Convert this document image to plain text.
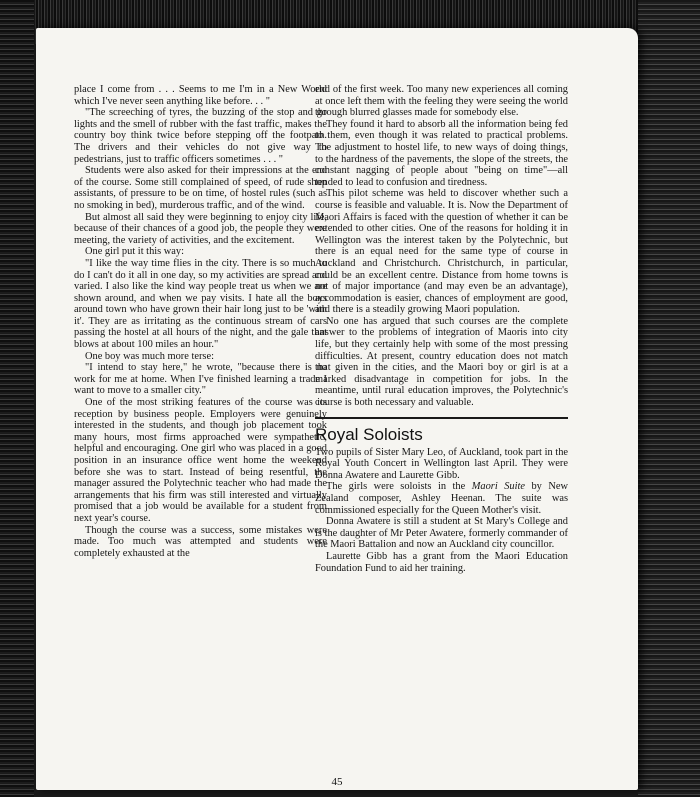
place I come from . . . Seems to me I'm in a New World which I've never seen anything like before. . . "

"The screeching of tyres, the buzzing of the stop and go lights and the smell of rubber with the fast traffic, makes the country boy think twice before stepping off the footpath. The drivers and their vehicles do not give way to pedestrians, just to traffic officers sometimes . . . "

Students were also asked for their impressions at the end of the course. Some still complained of speed, of rude shop assistants, of pressure to be on time, of hostel rules (such as no smoking in bed), murderous traffic, and of the wind.

But almost all said they were beginning to enjoy city life, because of their chances of a good job, the people they were meeting, the variety of activities, and the excitement.

One girl put it this way:

"I like the way time flies in the city. There is so much to do I can't do it all in one day, so my activities are spread and varied. I also like the kind way people treat us when we are shown around, and when we pay visits. I hate all the boys around town who have grown their hair long just to be 'with it'. They are as irritating as the continuous stream of cars passing the hostel at all hours of the night, and the gale that blows at about 100 miles an hour."

One boy was much more terse:

"I intend to stay here," he wrote, "because there is no work for me at home. When I've finished learning a trade I want to move to a smaller city."

One of the most striking features of the course was its reception by business people. Employers were genuinely interested in the students, and though job placement took many hours, most firms approached were sympathetic, helpful and encouraging. One girl who was placed in a good position in an insurance office went home the weekend before she was to start. Instead of being resentful, the manager assured the Polytechnic teacher who had made the arrangements that his firm was still interested and virtually promised that a job would be available for a student from next year's course.

Though the course was a success, some mistakes were made. Too much was attempted and students were completely exhausted at the

end of the first week. Too many new experiences all coming at once left them with the feeling they were seeing the world through blurred glasses made for somebody else.

They found it hard to absorb all the information being fed to them, even though it was related to practical problems. The adjustment to hostel life, to new ways of doing things, to the hardness of the pavements, the slope of the streets, the constant nagging of people about "being on time"—all tended to lead to confusion and tiredness.

This pilot scheme was held to discover whether such a course is feasible and valuable. It is. Now the Department of Maori Affairs is faced with the question of whether it can be extended to other cities. One of the reasons for holding it in Wellington was the interest taken by the Polytechnic, but there is an equal need for the same type of course in Auckland and Christchurch. Christchurch, in particular, could be an excellent centre. Distance from home towns is not of major importance (and may even be an advantage), accommodation is easier, chances of employment are good, and there is a steadily growing Maori population.

No one has argued that such courses are the complete answer to the problems of integration of Maoris into city life, but they certainly help with some of the most pressing difficulties. At present, country education does not match that given in the cities, and the Maori boy or girl is at a marked disadvantage in competition for jobs. In the meantime, until rural education improves, the Polytechnic's course is both necessary and valuable.

Royal Soloists

Two pupils of Sister Mary Leo, of Auckland, took part in the Royal Youth Concert in Wellington last April. They were Donna Awatere and Laurette Gibb.

The girls were soloists in the Maori Suite by New Zealand composer, Ashley Heenan. The suite was commissioned especially for the Queen Mother's visit.

Donna Awatere is still a student at St Mary's College and is the daughter of Mr Peter Awatere, formerly commander of the Maori Battalion and now an Auckland city councillor.

Laurette Gibb has a grant from the Maori Education Foundation Fund to aid her training.

45
